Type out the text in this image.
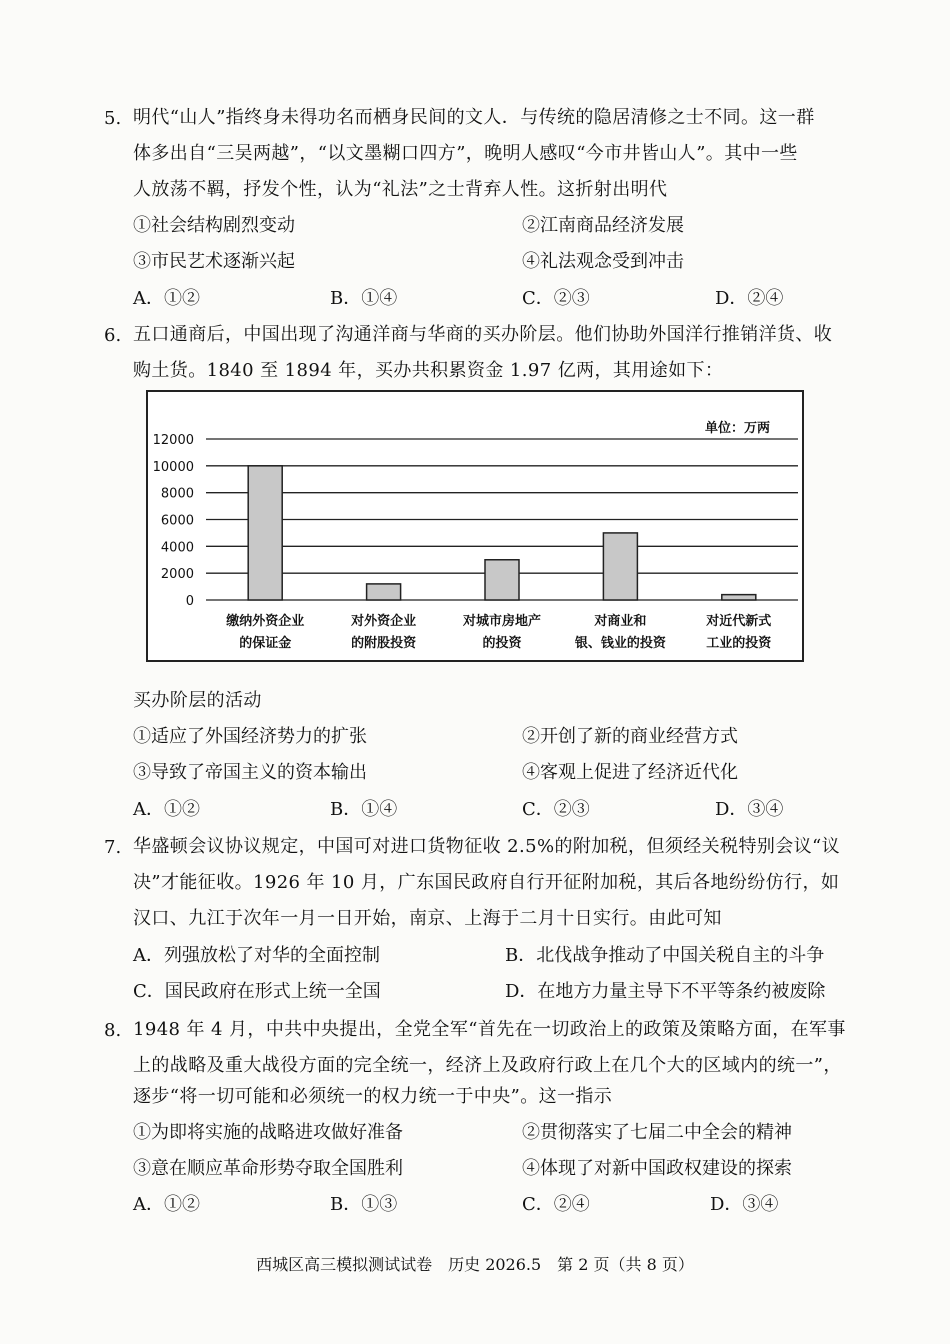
5. 明代“山人”指终身未得功名而栖身民间的文人．与传统的隐居清修之士不同。这一群
体多出自“三吴两越”，“以文墨糊口四方”，晚明人感叹“今市井皆山人”。其中一些
人放荡不羁，抒发个性，认为“礼法”之士背弃人性。这折射出明代
①社会结构剧烈变动	②江南商品经济发展
③市民艺术逐渐兴起	④礼法观念受到冲击
A．①②	B．①④	C．②③	D．②④
6. 五口通商后，中国出现了沟通洋商与华商的买办阶层。他们协助外国洋行推销洋货、收
购土货。1840 至 1894 年，买办共积累资金 1.97 亿两，其用途如下：
12000
10000
8000
6000
4000
2000
0
缴纳外资企业
的保证金
对外资企业
的附股投资
对城市房地产
的投资
对商业和
银、钱业的投资
对近代新式
工业的投资
单位：万两
买办阶层的活动
①适应了外国经济势力的扩张	②开创了新的商业经营方式
③导致了帝国主义的资本输出	④客观上促进了经济近代化
A．①②	B．①④	C．②③	D．③④
7. 华盛顿会议协议规定，中国可对进口货物征收 2.5%的附加税，但须经关税特别会议“议
决”才能征收。1926 年 10 月，广东国民政府自行开征附加税，其后各地纷纷仿行，如
汉口、九江于次年一月一日开始，南京、上海于二月十日实行。由此可知
A．列强放松了对华的全面控制	B．北伐战争推动了中国关税自主的斗争
C．国民政府在形式上统一全国	D．在地方力量主导下不平等条约被废除
8. 1948 年 4 月，中共中央提出，全党全军“首先在一切政治上的政策及策略方面，在军事
上的战略及重大战役方面的完全统一，经济上及政府行政上在几个大的区域内的统一”，
逐步“将一切可能和必须统一的权力统一于中央”。这一指示
①为即将实施的战略进攻做好准备	②贯彻落实了七届二中全会的精神
③意在顺应革命形势夺取全国胜利	④体现了对新中国政权建设的探索
A．①②	B．①③	C．②④	D．③④
西城区高三模拟测试试卷　历史 2026.5　第 2 页（共 8 页）
